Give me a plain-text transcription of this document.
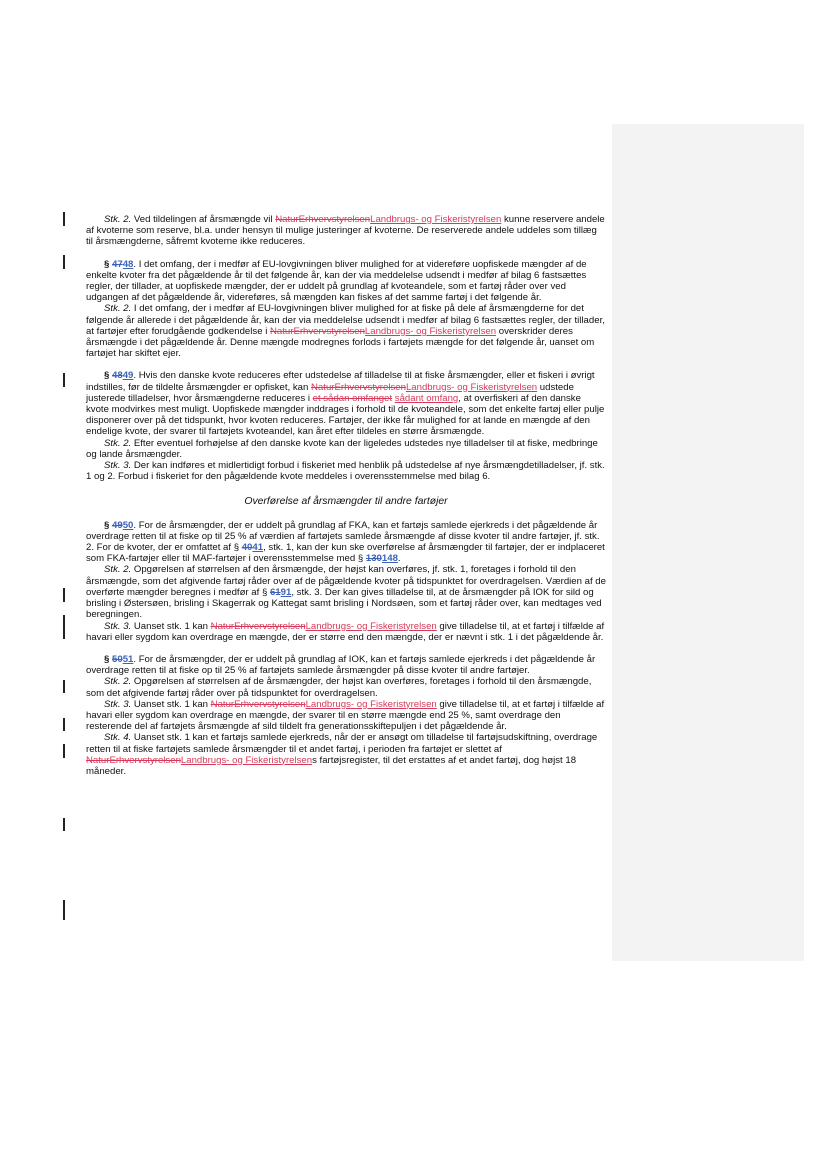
Stk. 2. Ved tildelingen af årsmængde vil NaturErhvervstyrelsenLandbrugs- og Fiskeristyrelsen kunne reservere andele af kvoterne som reserve, bl.a. under hensyn til mulige justeringer af kvoterne. De reserverede andele uddeles som tillæg til årsmængderne, såfremt kvoterne ikke reduceres.

§ 4748. I det omfang, der i medfør af EU-lovgivningen bliver mulighed for at videreføre uopfiskede mængder af de enkelte kvoter fra det pågældende år til det følgende år, kan der via meddelelse udsendt i medfør af bilag 6 fastsættes regler, der tillader, at uopfiskede mængder, der er uddelt på grundlag af kvoteandele, som et fartøj råder over ved udgangen af det pågældende år, videreføres, så mængden kan fiskes af det samme fartøj i det følgende år.

Stk. 2. I det omfang, der i medfør af EU-lovgivningen bliver mulighed for at fiske på dele af årsmængderne for det følgende år allerede i det pågældende år, kan der via meddelelse udsendt i medfør af bilag 6 fastsættes regler, der tillader, at fartøjer efter forudgående godkendelse i NaturErhvervstyrelsenLandbrugs- og Fiskeristyrelsen overskrider deres årsmængde i det pågældende år. Denne mængde modregnes forlods i fartøjets mængde for det følgende år, uanset om fartøjet har skiftet ejer.

§ 4849. Hvis den danske kvote reduceres efter udstedelse af tilladelse til at fiske årsmængder, eller et fiskeri i øvrigt indstilles, før de tildelte årsmængder er opfisket, kan NaturErhvervstyrelsenLandbrugs- og Fiskeristyrelsen udstede justerede tilladelser, hvor årsmængderne reduceres i et sådan omfanget sådant omfang, at overfiskeri af den danske kvote modvirkes mest muligt. Uopfiskede mængder inddrages i forhold til de kvoteandele, som det enkelte fartøj eller pulje disponerer over på det tidspunkt, hvor kvoten reduceres. Fartøjer, der ikke får mulighed for at lande en mængde af den endelige kvote, der svarer til fartøjets kvoteandel, kan året efter tildeles en større årsmængde.

Stk. 2. Efter eventuel forhøjelse af den danske kvote kan der ligeledes udstedes nye tilladelser til at fiske, medbringe og lande årsmængder.

Stk. 3. Der kan indføres et midlertidigt forbud i fiskeriet med henblik på udstedelse af nye årsmængdetilladelser, jf. stk. 1 og 2. Forbud i fiskeriet for den pågældende kvote meddeles i overensstemmelse med bilag 6.

Overførelse af årsmængder til andre fartøjer

§ 4950. For de årsmængder, der er uddelt på grundlag af FKA, kan et fartøjs samlede ejerkreds i det pågældende år overdrage retten til at fiske op til 25 % af værdien af fartøjets samlede årsmængde af disse kvoter til andre fartøjer, jf. stk. 2. For de kvoter, der er omfattet af § 4041, stk. 1, kan der kun ske overførelse af årsmængder til fartøjer, der er indplaceret som FKA-fartøjer eller til MAF-fartøjer i overensstemmelse med § 130148.

Stk. 2. Opgørelsen af størrelsen af den årsmængde, der højst kan overføres, jf. stk. 1, foretages i forhold til den årsmængde, som det afgivende fartøj råder over af de pågældende kvoter på tidspunktet for overdragelsen. Værdien af de overførte mængder beregnes i medfør af § 6191, stk. 3. Der kan gives tilladelse til, at de årsmængder på IOK for sild og brisling i Østersøen, brisling i Skagerrak og Kattegat samt brisling i Nordsøen, som et fartøj råder over, kan medtages ved beregningen.

Stk. 3. Uanset stk. 1 kan NaturErhvervstyrelsenLandbrugs- og Fiskeristyrelsen give tilladelse til, at et fartøj i tilfælde af havari eller sygdom kan overdrage en mængde, der er større end den mængde, der er nævnt i stk. 1 i det pågældende år.

§ 5051. For de årsmængder, der er uddelt på grundlag af IOK, kan et fartøjs samlede ejerkreds i det pågældende år overdrage retten til at fiske op til 25 % af fartøjets samlede årsmængder på disse kvoter til andre fartøjer.

Stk. 2. Opgørelsen af størrelsen af de årsmængder, der højst kan overføres, foretages i forhold til den årsmængde, som det afgivende fartøj råder over på tidspunktet for overdragelsen.

Stk. 3. Uanset stk. 1 kan NaturErhvervstyrelsenLandbrugs- og Fiskeristyrelsen give tilladelse til, at et fartøj i tilfælde af havari eller sygdom kan overdrage en mængde, der svarer til en større mængde end 25 %, samt overdrage den resterende del af fartøjets årsmængde af sild tildelt fra generationsskiftepuljen i det pågældende år.

Stk. 4. Uanset stk. 1 kan et fartøjs samlede ejerkreds, når der er ansøgt om tilladelse til fartøjsudskiftning, overdrage retten til at fiske fartøjets samlede årsmængder til et andet fartøj, i perioden fra fartøjet er slettet af NaturErhvervstyrelsenLandbrugs- og Fiskeristyrelsens fartøjsregister, til det erstattes af et andet fartøj, dog højst 18 måneder.
